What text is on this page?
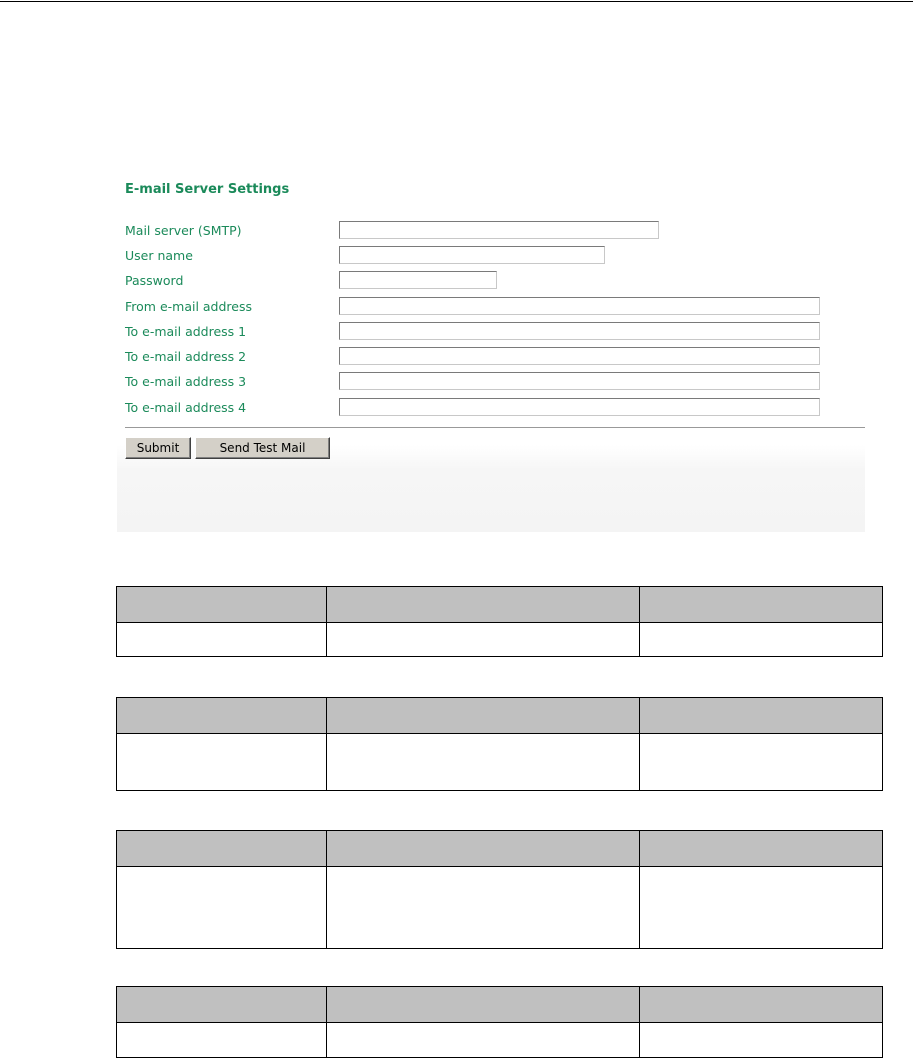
E-mail Server Settings
Mail server (SMTP)
User name
Password
From e-mail address
To e-mail address 1
To e-mail address 2
To e-mail address 3
To e-mail address 4
Submit	Send Test Mail
